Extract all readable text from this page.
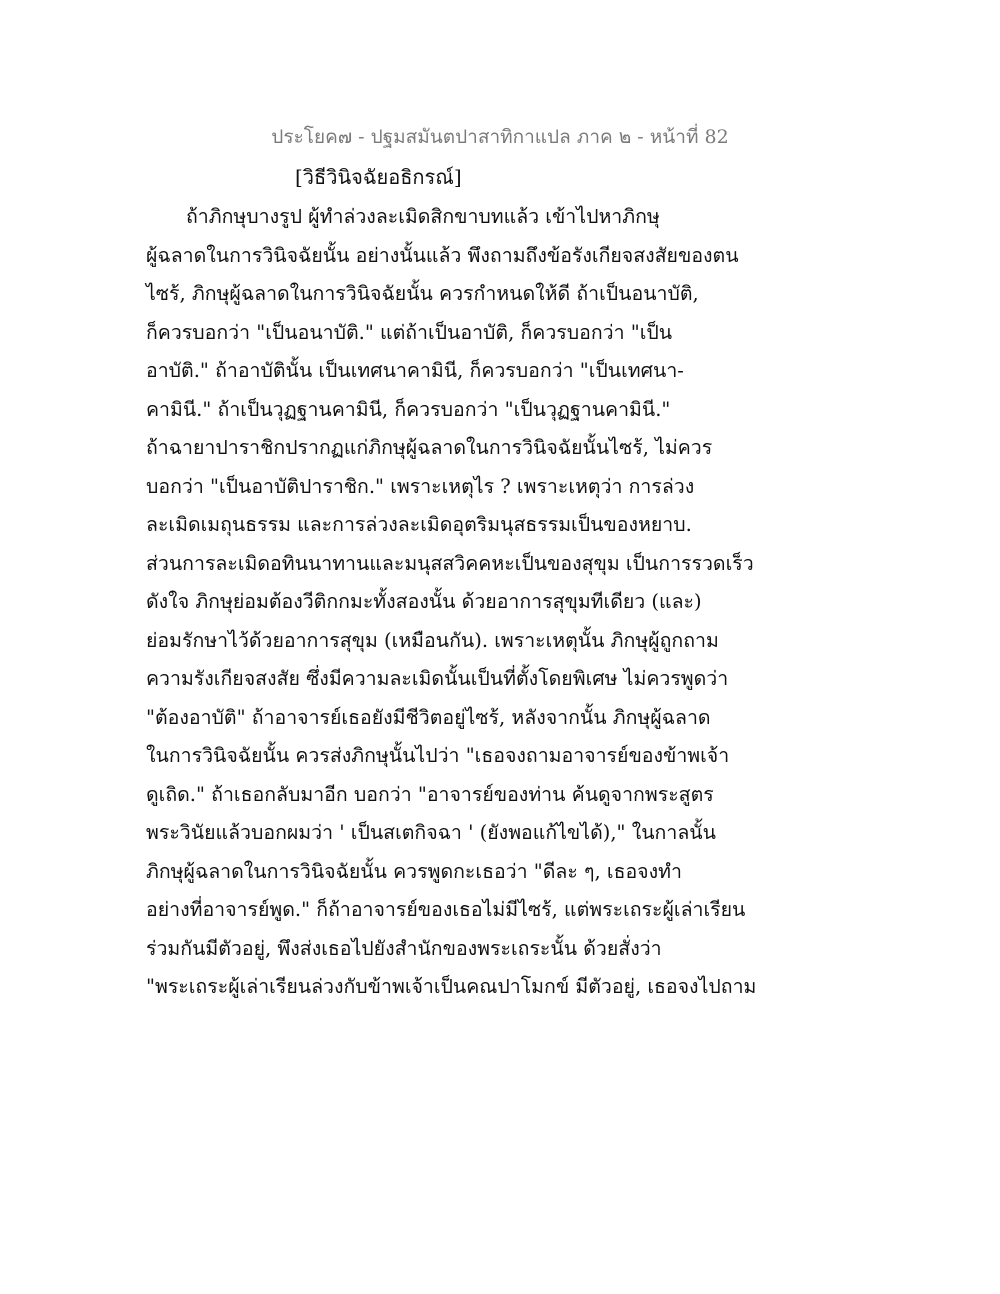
ประโยค๗ - ปฐมสมันตปาสาทิกาแปล ภาค ๒ - หน้าที่ 82
[วิธีวินิจฉัยอธิกรณ์]
ถ้าภิกษุบางรูป ผู้ทำล่วงละเมิดสิกขาบทแล้ว เข้าไปหาภิกษุ
ผู้ฉลาดในการวินิจฉัยนั้น อย่างนั้นแล้ว พึงถามถึงข้อรังเกียจสงสัยของตน
ไซร้, ภิกษุผู้ฉลาดในการวินิจฉัยนั้น ควรกำหนดให้ดี ถ้าเป็นอนาบัติ,
ก็ควรบอกว่า "เป็นอนาบัติ." แต่ถ้าเป็นอาบัติ, ก็ควรบอกว่า "เป็น
อาบัติ." ถ้าอาบัตินั้น เป็นเทศนาคามินี, ก็ควรบอกว่า "เป็นเทศนา-
คามินี." ถ้าเป็นวุฏฐานคามินี, ก็ควรบอกว่า "เป็นวุฏฐานคามินี."
ถ้าฉายาปาราชิกปรากฏแก่ภิกษุผู้ฉลาดในการวินิจฉัยนั้นไซร้, ไม่ควร
บอกว่า "เป็นอาบัติปาราชิก." เพราะเหตุไร ? เพราะเหตุว่า การล่วง
ละเมิดเมถุนธรรม และการล่วงละเมิดอุตริมนุสธรรมเป็นของหยาบ.
ส่วนการละเมิดอทินนาทานและมนุสสวิคคหะเป็นของสุขุม เป็นการรวดเร็ว
ดังใจ ภิกษุย่อมต้องวีติกกมะทั้งสองนั้น ด้วยอาการสุขุมทีเดียว (และ)
ย่อมรักษาไว้ด้วยอาการสุขุม (เหมือนกัน). เพราะเหตุนั้น ภิกษุผู้ถูกถาม
ความรังเกียจสงสัย ซึ่งมีความละเมิดนั้นเป็นที่ตั้งโดยพิเศษ ไม่ควรพูดว่า
"ต้องอาบัติ" ถ้าอาจารย์เธอยังมีชีวิตอยู่ไซร้, หลังจากนั้น ภิกษุผู้ฉลาด
ในการวินิจฉัยนั้น ควรส่งภิกษุนั้นไปว่า "เธอจงถามอาจารย์ของข้าพเจ้า
ดูเถิด." ถ้าเธอกลับมาอีก บอกว่า "อาจารย์ของท่าน ค้นดูจากพระสูตร
พระวินัยแล้วบอกผมว่า ' เป็นสเตกิจฉา ' (ยังพอแก้ไขได้)," ในกาลนั้น
ภิกษุผู้ฉลาดในการวินิจฉัยนั้น ควรพูดกะเธอว่า "ดีละ ๆ, เธอจงทำ
อย่างที่อาจารย์พูด." ก็ถ้าอาจารย์ของเธอไม่มีไซร้, แต่พระเถระผู้เล่าเรียน
ร่วมกันมีตัวอยู่, พึงส่งเธอไปยังสำนักของพระเถระนั้น ด้วยสั่งว่า
"พระเถระผู้เล่าเรียนล่วงกับข้าพเจ้าเป็นคณปาโมกข์ มีตัวอยู่, เธอจงไปถาม
